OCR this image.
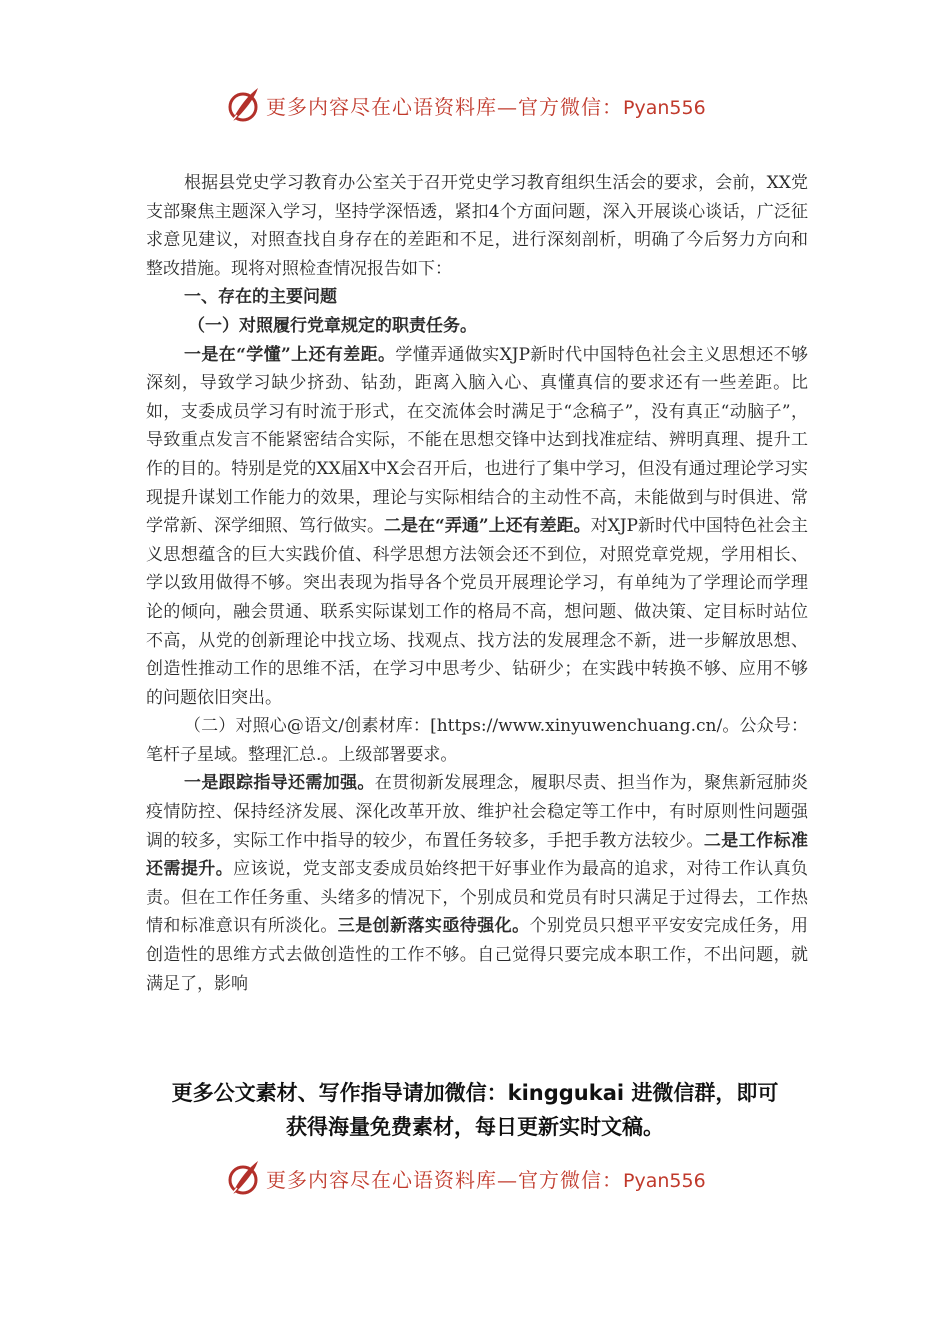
更多内容尽在心语资料库—官方微信：Pyan556

根据县党史学习教育办公室关于召开党史学习教育组织生活会的要求，会前，XX党支部聚焦主题深入学习，坚持学深悟透，紧扣4个方面问题，深入开展谈心谈话，广泛征求意见建议，对照查找自身存在的差距和不足，进行深刻剖析，明确了今后努力方向和整改措施。现将对照检查情况报告如下：

一、存在的主要问题

（一）对照履行党章规定的职责任务。

一是在“学懂”上还有差距。学懂弄通做实XJP新时代中国特色社会主义思想还不够深刻，导致学习缺少挤劲、钻劲，距离入脑入心、真懂真信的要求还有一些差距。比如，支委成员学习有时流于形式，在交流体会时满足于“念稿子”，没有真正“动脑子”，导致重点发言不能紧密结合实际，不能在思想交锋中达到找准症结、辨明真理、提升工作的目的。特别是党的XX届X中X会召开后，也进行了集中学习，但没有通过理论学习实现提升谋划工作能力的效果，理论与实际相结合的主动性不高，未能做到与时俱进、常学常新、深学细照、笃行做实。二是在“弄通”上还有差距。对XJP新时代中国特色社会主义思想蕴含的巨大实践价值、科学思想方法领会还不到位，对照党章党规，学用相长、学以致用做得不够。突出表现为指导各个党员开展理论学习，有单纯为了学理论而学理论的倾向，融会贯通、联系实际谋划工作的格局不高，想问题、做决策、定目标时站位不高，从党的创新理论中找立场、找观点、找方法的发展理念不新，进一步解放思想、创造性推动工作的思维不活，在学习中思考少、钻研少；在实践中转换不够、应用不够的问题依旧突出。

（二）对照心@语文/创素材库：[https://www.xinyuwenchuang.cn/。公众号：笔杆子星域。整理汇总.。上级部署要求。

一是跟踪指导还需加强。在贯彻新发展理念，履职尽责、担当作为，聚焦新冠肺炎疫情防控、保持经济发展、深化改革开放、维护社会稳定等工作中，有时原则性问题强调的较多，实际工作中指导的较少，布置任务较多，手把手教方法较少。二是工作标准还需提升。应该说，党支部支委成员始终把干好事业作为最高的追求，对待工作认真负责。但在工作任务重、头绪多的情况下，个别成员和党员有时只满足于过得去，工作热情和标准意识有所淡化。三是创新落实亟待强化。个别党员只想平平安安完成任务，用创造性的思维方式去做创造性的工作不够。自己觉得只要完成本职工作，不出问题，就满足了，影响

更多公文素材、写作指导请加微信：kinggukai 进微信群，即可
获得海量免费素材，每日更新实时文稿。
更多内容尽在心语资料库—官方微信：Pyan556
